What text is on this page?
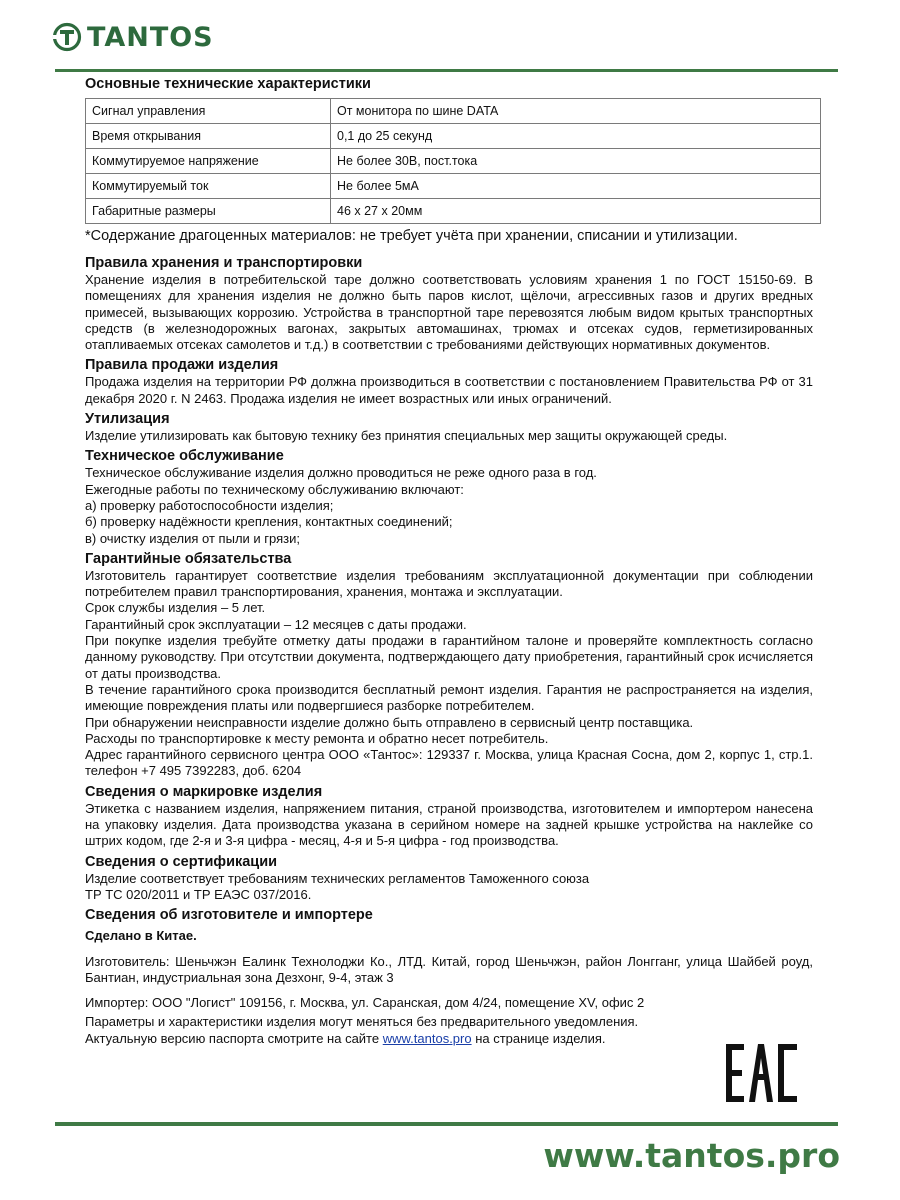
TANTOS

Основные технические характеристики

Сигнал управления	От монитора по шине DATA
Время открывания	0,1 до 25 секунд
Коммутируемое напряжение	Не более 30В, пост.тока
Коммутируемый ток	Не более 5мА
Габаритные размеры	46 х 27 х 20мм
*Содержание драгоценных материалов: не требует учёта при хранении, списании и утилизации.

Правила хранения и транспортировки

Хранение изделия в потребительской таре должно соответствовать условиям хранения 1 по ГОСТ 15150-69. В помещениях для хранения изделия не должно быть паров кислот, щёлочи, агрессивных газов и других вредных примесей, вызывающих коррозию. Устройства в транспортной таре перевозятся любым видом крытых транспортных средств (в железнодорожных вагонах, закрытых автомашинах, трюмах и отсеках судов, герметизированных отапливаемых отсеках самолетов и т.д.) в соответствии с требованиями действующих нормативных документов.

Правила продажи изделия

Продажа изделия на территории РФ должна производиться в соответствии с постановлением Правительства РФ от 31 декабря 2020 г. N 2463. Продажа изделия не имеет возрастных или иных ограничений.

Утилизация

Изделие утилизировать как бытовую технику без принятия специальных мер защиты окружающей среды.

Техническое обслуживание

Техническое обслуживание изделия должно проводиться не реже одного раза в год.

Ежегодные работы по техническому обслуживанию включают:

а) проверку работоспособности изделия;

б) проверку надёжности крепления, контактных соединений;

в) очистку изделия от пыли и грязи;

Гарантийные обязательства

Изготовитель гарантирует соответствие изделия требованиям эксплуатационной документации при соблюдении потребителем правил транспортирования, хранения, монтажа и эксплуатации.

Срок службы изделия – 5 лет.

Гарантийный срок эксплуатации – 12 месяцев с даты продажи.

При покупке изделия требуйте отметку даты продажи в гарантийном талоне и проверяйте комплектность согласно данному руководству. При отсутствии документа, подтверждающего дату приобретения, гарантийный срок исчисляется от даты производства.

В течение гарантийного срока производится бесплатный ремонт изделия. Гарантия не распространяется на изделия, имеющие повреждения платы или подвергшиеся разборке потребителем.

При обнаружении неисправности изделие должно быть отправлено в сервисный центр поставщика.

Расходы по транспортировке к месту ремонта и обратно несет потребитель.

Адрес гарантийного сервисного центра ООО «Тантос»: 129337 г. Москва, улица Красная Сосна, дом 2, корпус 1, стр.1. телефон +7 495 7392283, доб. 6204

Сведения о маркировке изделия

Этикетка с названием изделия, напряжением питания, страной производства, изготовителем и импортером нанесена на упаковку изделия. Дата производства указана в серийном номере на задней крышке устройства на наклейке со штрих кодом, где 2-я и 3-я цифра - месяц, 4-я и 5-я цифра - год производства.

Сведения о сертификации

Изделие соответствует требованиям технических регламентов Таможенного союза

ТР ТС 020/2011 и ТР ЕАЭС 037/2016.

Сведения об изготовителе и импортере

Сделано в Китае.

Изготовитель: Шеньчжэн Еалинк Технолоджи Ко., ЛТД. Китай, город Шеньчжэн, район Лонгганг, улица Шайбей роуд, Бантиан, индустриальная зона Дезхонг, 9-4, этаж 3

Импортер: ООО "Логист" 109156, г. Москва, ул. Саранская, дом 4/24, помещение XV, офис 2

Параметры и характеристики изделия могут меняться без предварительного уведомления.

Актуальную версию паспорта смотрите на сайте www.tantos.pro на странице изделия.

www.tantos.pro
